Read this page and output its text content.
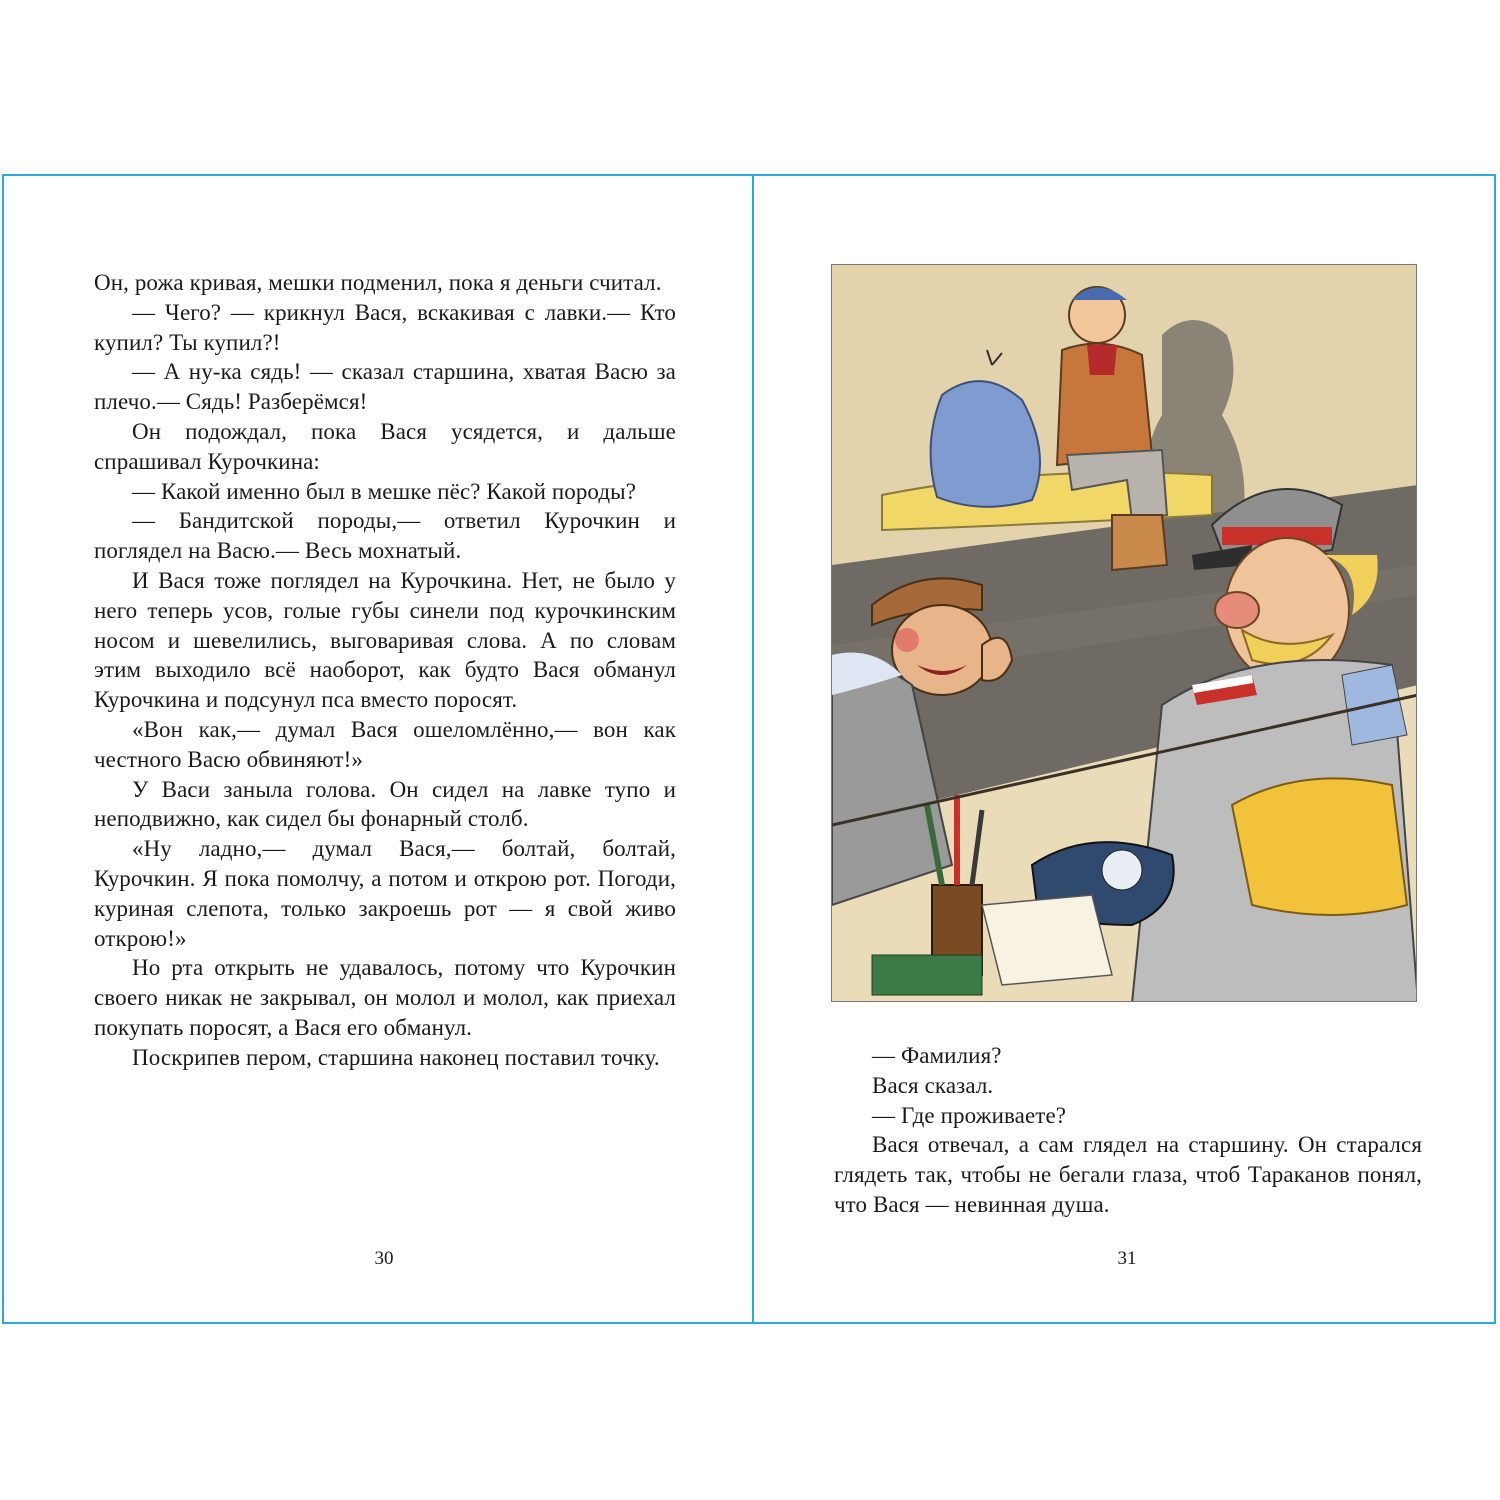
Он, рожа кривая, мешки подменил, пока я деньги считал.

— Чего? — крикнул Вася, вскакивая с лавки.— Кто купил? Ты купил?!

— А ну-ка сядь! — сказал старшина, хватая Васю за плечо.— Сядь! Разберёмся!

Он подождал, пока Вася усядется, и дальше спрашивал Курочкина:

— Какой именно был в мешке пёс? Какой породы?

— Бандитской породы,— ответил Курочкин и поглядел на Васю.— Весь мохнатый.

И Вася тоже поглядел на Курочкина. Нет, не было у него теперь усов, голые губы синели под курочкинским носом и шевелились, выговаривая слова. А по словам этим выходило всё наоборот, как будто Вася обманул Курочкина и подсунул пса вместо поросят.

«Вон как,— думал Вася ошеломлённо,— вон как честного Васю обвиняют!»

У Васи заныла голова. Он сидел на лавке тупо и неподвижно, как сидел бы фонарный столб.

«Ну ладно,— думал Вася,— болтай, болтай, Курочкин. Я пока помолчу, а потом и открою рот. Погоди, куриная слепота, только закроешь рот — я свой живо открою!»

Но рта открыть не удавалось, потому что Курочкин своего никак не закрывал, он молол и молол, как приехал покупать поросят, а Вася его обманул.

Поскрипев пером, старшина наконец поставил точку.

30

— Фамилия?

Вася сказал.

— Где проживаете?

Вася отвечал, а сам глядел на старшину. Он старался глядеть так, чтобы не бегали глаза, чтоб Тараканов понял, что Вася — невинная душа.

31
